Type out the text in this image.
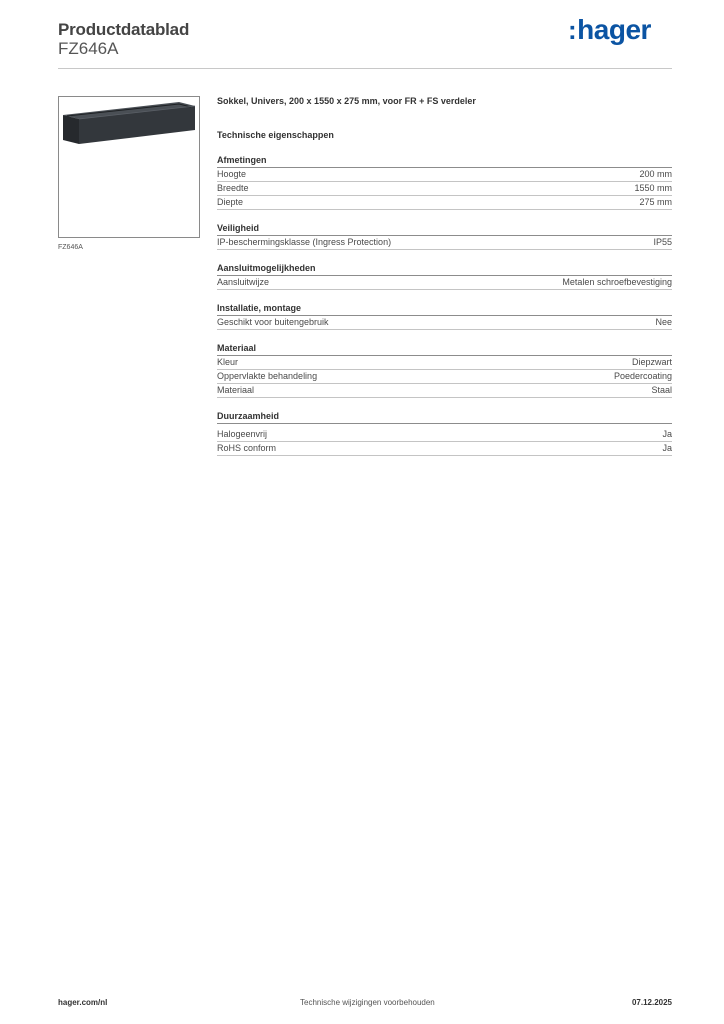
Productdatablad
FZ646A
:hager
FZ646A
Sokkel, Univers, 200 x 1550 x 275 mm, voor FR + FS verdeler
Technische eigenschappen
Afmetingen
Hoogte	200 mm
Breedte	1550 mm
Diepte	275 mm
Veiligheid
IP-beschermingsklasse (Ingress Protection)	IP55
Aansluitmogelijkheden
Aansluitwijze	Metalen schroefbevestiging
Installatie, montage
Geschikt voor buitengebruik	Nee
Materiaal
Kleur	Diepzwart
Oppervlakte behandeling	Poedercoating
Materiaal	Staal
Duurzaamheid
Halogeenvrij	Ja
RoHS conform	Ja
hager.com/nl	Technische wijzigingen voorbehouden	07.12.2025
